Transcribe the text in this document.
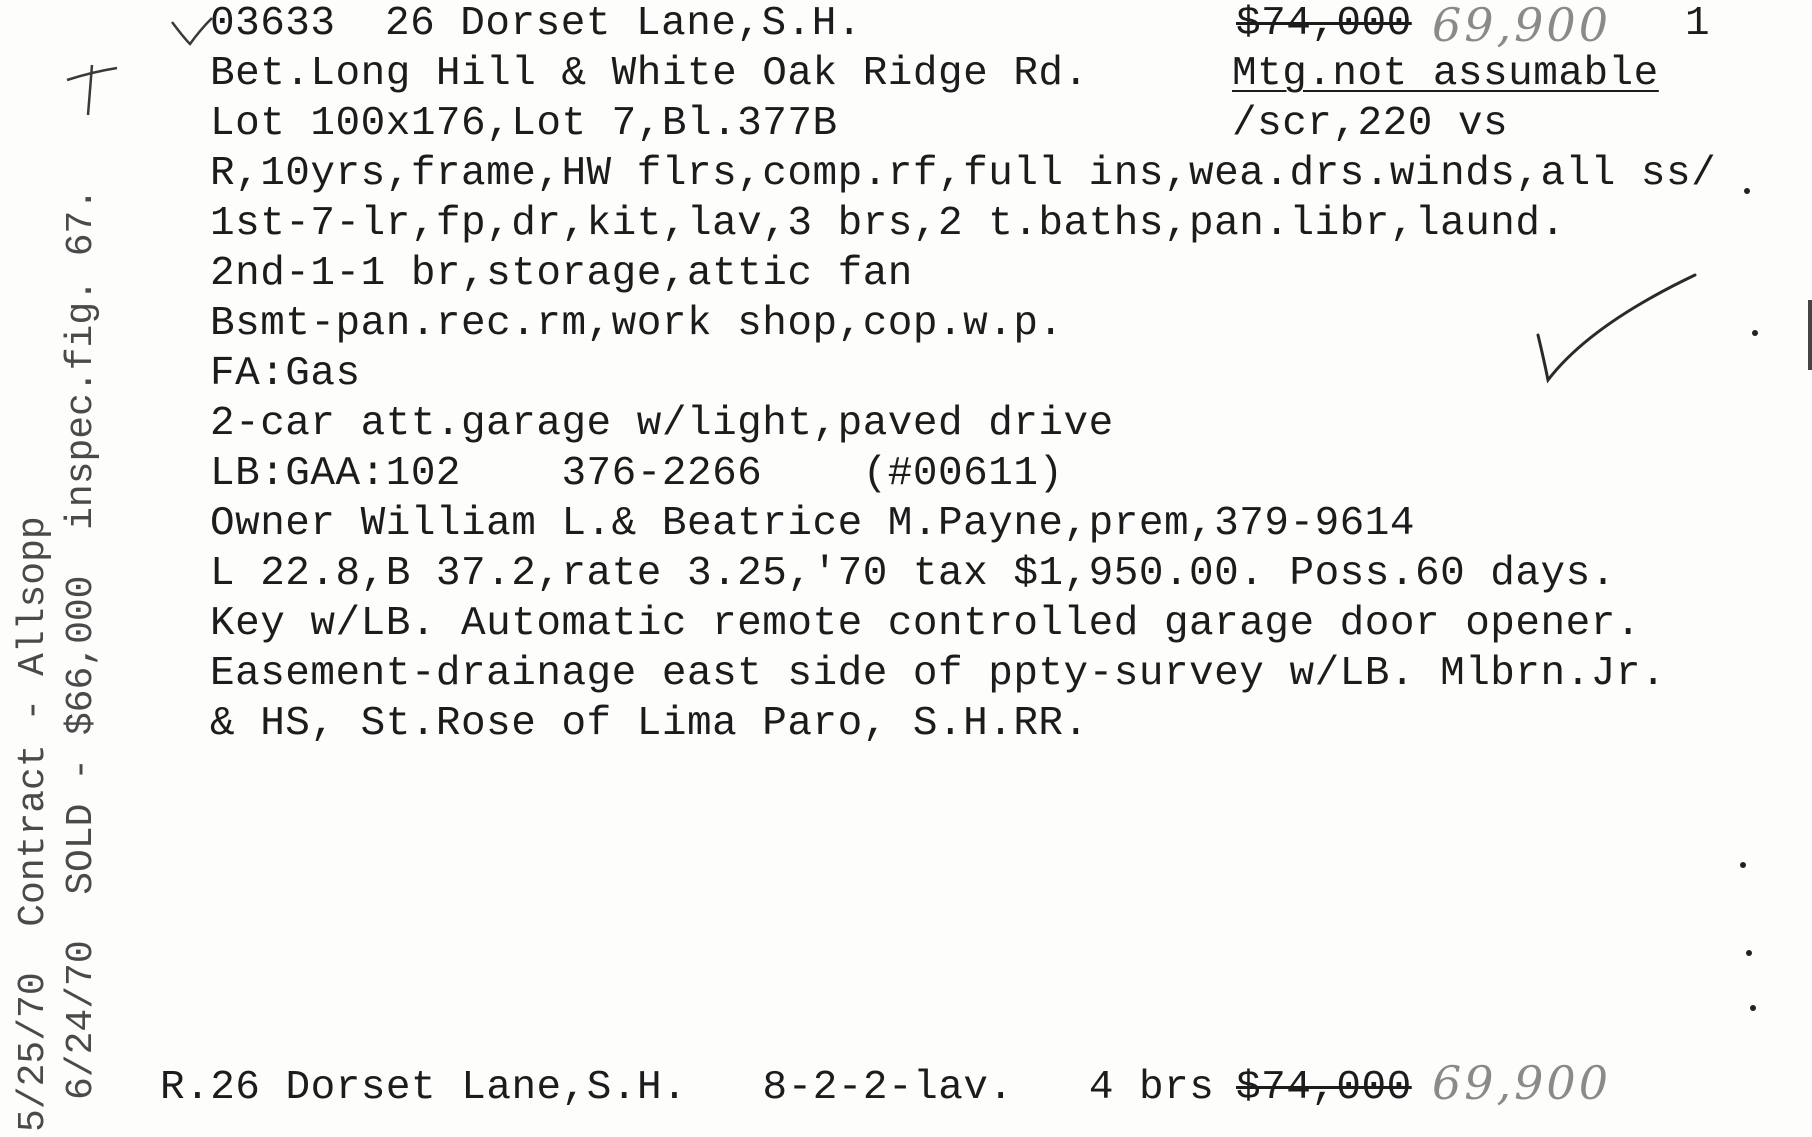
03633 26 Dorset Lane,S.H.	$74,000 69,900 1
Bet.Long Hill & White Oak Ridge Rd.	Mtg.not assumable
Lot 100x176,Lot 7,Bl.377B	/scr,220 vs
R,10yrs,frame,HW flrs,comp.rf,full ins,wea.drs.winds,all ss/
1st-7-lr,fp,dr,kit,lav,3 brs,2 t.baths,pan.libr,laund.
2nd-1-1 br,storage,attic fan
Bsmt-pan.rec.rm,work shop,cop.w.p.
FA:Gas
2-car att.garage w/light,paved drive
LB:GAA:102    376-2266    (#00611)
Owner William L.& Beatrice M.Payne,prem,379-9614
L 22.8,B 37.2,rate 3.25,'70 tax $1,950.00. Poss.60 days.
Key w/LB. Automatic remote controlled garage door opener.
Easement-drainage east side of ppty-survey w/LB. Mlbrn.Jr.
& HS, St.Rose of Lima Paro, S.H.RR.
5/25/70  Contract - Allsopp 6/24/70  SOLD - $66,000  inspec.fig. 67. R.26 Dorset Lane,S.H.   8-2-2-lav.   4 brs $74,000 69,900
